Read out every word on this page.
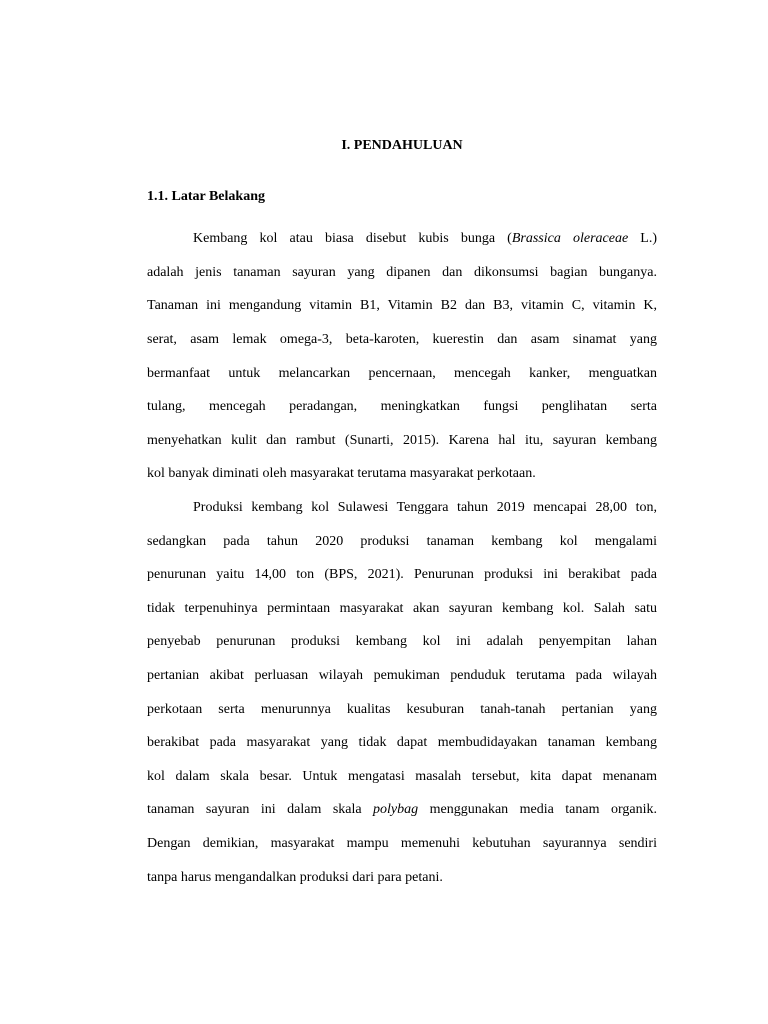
I. PENDAHULUAN
1.1. Latar Belakang
Kembang kol atau biasa disebut kubis bunga (Brassica oleraceae L.)
adalah jenis tanaman sayuran yang dipanen dan dikonsumsi bagian bunganya.
Tanaman ini mengandung vitamin B1, Vitamin B2 dan B3, vitamin C, vitamin K,
serat, asam lemak omega-3, beta-karoten, kuerestin dan asam sinamat yang
bermanfaat untuk melancarkan pencernaan, mencegah kanker, menguatkan
tulang, mencegah peradangan, meningkatkan fungsi penglihatan serta
menyehatkan kulit dan rambut (Sunarti, 2015). Karena hal itu, sayuran kembang
kol banyak diminati oleh masyarakat terutama masyarakat perkotaan.
Produksi kembang kol Sulawesi Tenggara tahun 2019 mencapai 28,00 ton,
sedangkan pada tahun 2020 produksi tanaman kembang kol mengalami
penurunan yaitu 14,00 ton (BPS, 2021). Penurunan produksi ini berakibat pada
tidak terpenuhinya permintaan masyarakat akan sayuran kembang kol. Salah satu
penyebab penurunan produksi kembang kol ini adalah penyempitan lahan
pertanian akibat perluasan wilayah pemukiman penduduk terutama pada wilayah
perkotaan serta menurunnya kualitas kesuburan tanah-tanah pertanian yang
berakibat pada masyarakat yang tidak dapat membudidayakan tanaman kembang
kol dalam skala besar. Untuk mengatasi masalah tersebut, kita dapat menanam
tanaman sayuran ini dalam skala polybag menggunakan media tanam organik.
Dengan demikian, masyarakat mampu memenuhi kebutuhan sayurannya sendiri
tanpa harus mengandalkan produksi dari para petani.
